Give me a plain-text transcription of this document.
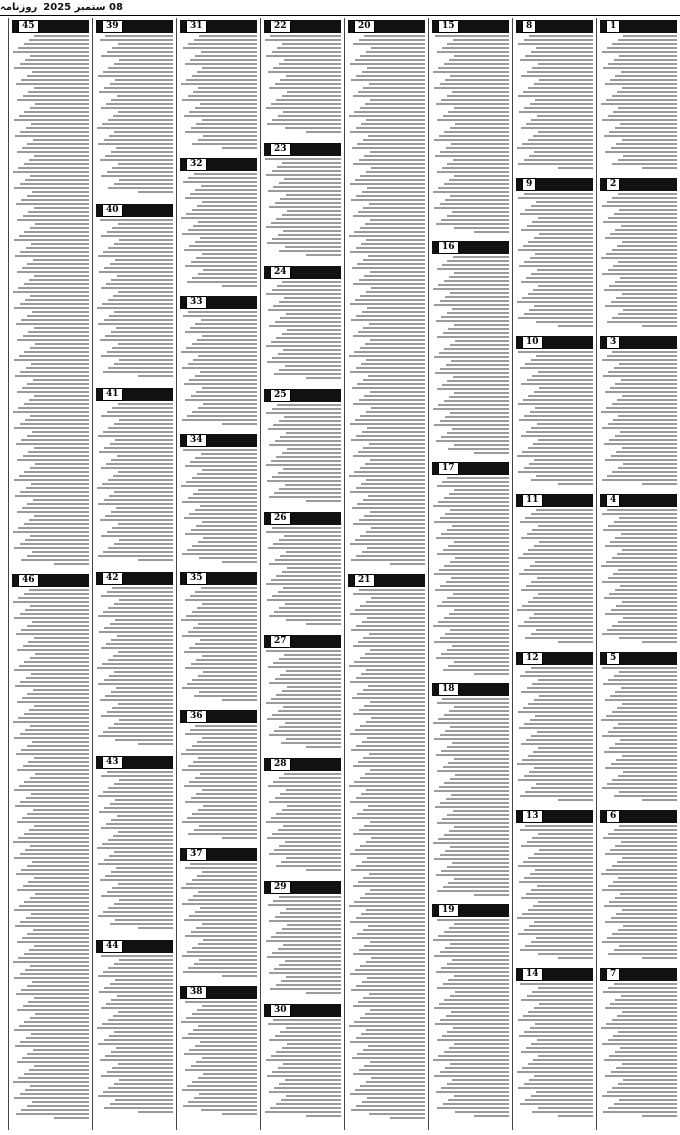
08 ستمبر 2025
روزنامہ
1
2
3
4
5
6
7
8
9
10
11
12
13
14
15
16
17
18
19
20
21
22
23
24
25
26
27
28
29
30
31
32
33
34
35
36
37
38
39
40
41
42
43
44
45
46
